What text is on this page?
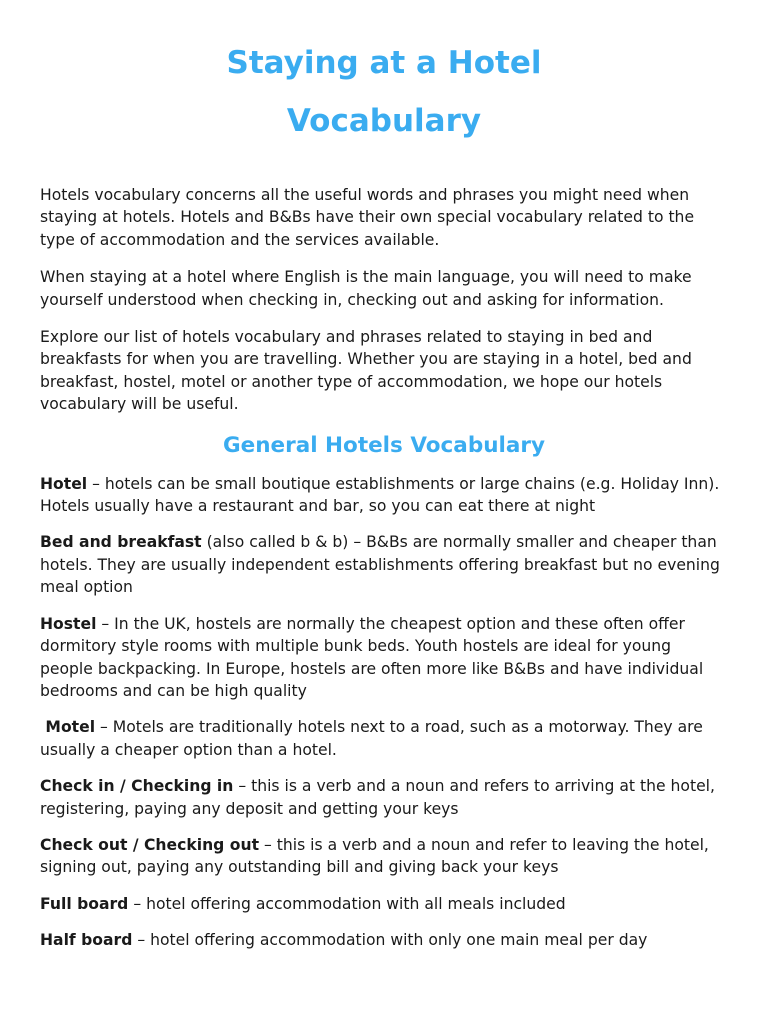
Staying at a Hotel
Vocabulary

Hotels vocabulary concerns all the useful words and phrases you might need when staying at hotels. Hotels and B&Bs have their own special vocabulary related to the type of accommodation and the services available.

When staying at a hotel where English is the main language, you will need to make yourself understood when checking in, checking out and asking for information.

Explore our list of hotels vocabulary and phrases related to staying in bed and breakfasts for when you are travelling. Whether you are staying in a hotel, bed and breakfast, hostel, motel or another type of accommodation, we hope our hotels vocabulary will be useful.

General Hotels Vocabulary

Hotel – hotels can be small boutique establishments or large chains (e.g. Holiday Inn). Hotels usually have a restaurant and bar, so you can eat there at night

Bed and breakfast (also called b & b) – B&Bs are normally smaller and cheaper than hotels. They are usually independent establishments offering breakfast but no evening meal option

Hostel – In the UK, hostels are normally the cheapest option and these often offer dormitory style rooms with multiple bunk beds. Youth hostels are ideal for young people backpacking. In Europe, hostels are often more like B&Bs and have individual bedrooms and can be high quality

Motel – Motels are traditionally hotels next to a road, such as a motorway. They are usually a cheaper option than a hotel.

Check in / Checking in – this is a verb and a noun and refers to arriving at the hotel, registering, paying any deposit and getting your keys

Check out / Checking out – this is a verb and a noun and refer to leaving the hotel, signing out, paying any outstanding bill and giving back your keys

Full board – hotel offering accommodation with all meals included

Half board – hotel offering accommodation with only one main meal per day
